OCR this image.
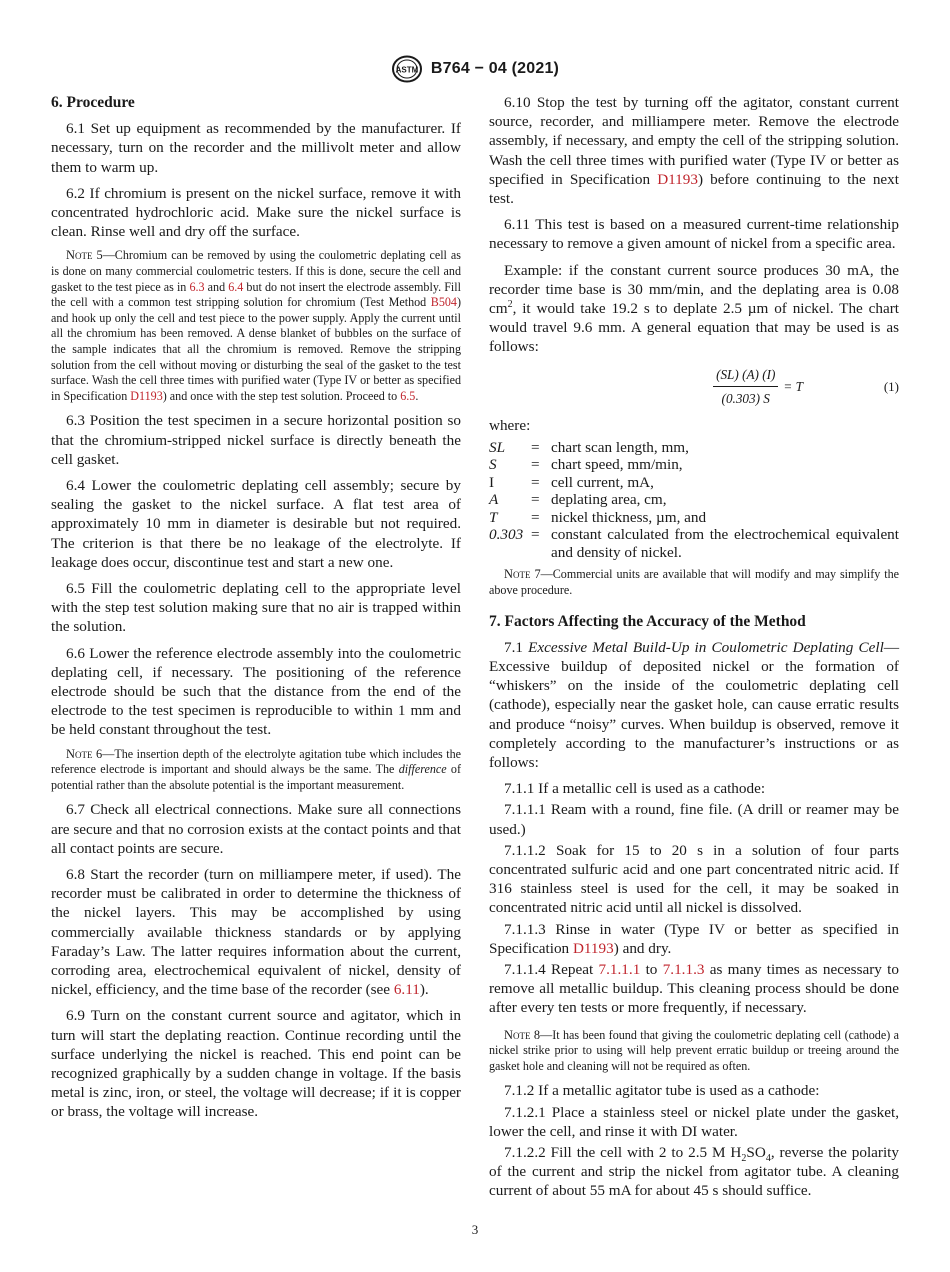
ASTM B764 − 04 (2021)

6. Procedure

6.1 Set up equipment as recommended by the manufacturer. If necessary, turn on the recorder and the millivolt meter and allow them to warm up.

6.2 If chromium is present on the nickel surface, remove it with concentrated hydrochloric acid. Make sure the nickel surface is clean. Rinse well and dry off the surface.

Note 5—Chromium can be removed by using the coulometric deplating cell as is done on many commercial coulometric testers. If this is done, secure the cell and gasket to the test piece as in 6.3 and 6.4 but do not insert the electrode assembly. Fill the cell with a common test stripping solution for chromium (Test Method B504) and hook up only the cell and test piece to the power supply. Apply the current until all the chromium has been removed. A dense blanket of bubbles on the surface of the sample indicates that all the chromium is removed. Remove the stripping solution from the cell without moving or disturbing the seal of the gasket to the test surface. Wash the cell three times with purified water (Type IV or better as specified in Specification D1193) and once with the step test solution. Proceed to 6.5.

6.3 Position the test specimen in a secure horizontal position so that the chromium-stripped nickel surface is directly beneath the cell gasket.

6.4 Lower the coulometric deplating cell assembly; secure by sealing the gasket to the nickel surface. A flat test area of approximately 10 mm in diameter is desirable but not required. The criterion is that there be no leakage of the electrolyte. If leakage does occur, discontinue test and start a new one.

6.5 Fill the coulometric deplating cell to the appropriate level with the step test solution making sure that no air is trapped within the solution.

6.6 Lower the reference electrode assembly into the coulometric deplating cell, if necessary. The positioning of the reference electrode should be such that the distance from the end of the electrode to the test specimen is reproducible to within 1 mm and be held constant throughout the test.

Note 6—The insertion depth of the electrolyte agitation tube which includes the reference electrode is important and should always be the same. The difference of potential rather than the absolute potential is the important measurement.

6.7 Check all electrical connections. Make sure all connections are secure and that no corrosion exists at the contact points and that all contact points are secure.

6.8 Start the recorder (turn on milliampere meter, if used). The recorder must be calibrated in order to determine the thickness of the nickel layers. This may be accomplished by using commercially available thickness standards or by applying Faraday’s Law. The latter requires information about the current, corroding area, electrochemical equivalent of nickel, density of nickel, efficiency, and the time base of the recorder (see 6.11).

6.9 Turn on the constant current source and agitator, which in turn will start the deplating reaction. Continue recording until the surface underlying the nickel is reached. This end point can be recognized graphically by a sudden change in voltage. If the basis metal is zinc, iron, or steel, the voltage will decrease; if it is copper or brass, the voltage will increase.

6.10 Stop the test by turning off the agitator, constant current source, recorder, and milliampere meter. Remove the electrode assembly, if necessary, and empty the cell of the stripping solution. Wash the cell three times with purified water (Type IV or better as specified in Specification D1193) before continuing to the next test.

6.11 This test is based on a measured current-time relationship necessary to remove a given amount of nickel from a specific area.

Example: if the constant current source produces 30 mA, the recorder time base is 30 mm/min, and the deplating area is 0.08 $cm^2$, it would take 19.2 s to deplate 2.5 µm of nickel. The chart would travel 9.6 mm. A general equation that may be used is as follows:

$\frac{(SL) (A) (I)}{(0.303) S} = T$	(1)

where:

SL	= chart scan length, mm,
S	= chart speed, mm/min,
I	= cell current, mA,
A	= deplating area, cm,
T	= nickel thickness, µm, and
0.303 = constant calculated from the electrochemical equivalent and density of nickel.

Note 7—Commercial units are available that will modify and may simplify the above procedure.

7. Factors Affecting the Accuracy of the Method

7.1 Excessive Metal Build-Up in Coulometric Deplating Cell—Excessive buildup of deposited nickel or the formation of “whiskers” on the inside of the coulometric deplating cell (cathode), especially near the gasket hole, can cause erratic results and produce “noisy” curves. When buildup is observed, remove it completely according to the manufacturer’s instructions or as follows:

7.1.1 If a metallic cell is used as a cathode:

7.1.1.1 Ream with a round, fine file. (A drill or reamer may be used.)

7.1.1.2 Soak for 15 to 20 s in a solution of four parts concentrated sulfuric acid and one part concentrated nitric acid. If 316 stainless steel is used for the cell, it may be soaked in concentrated nitric acid until all nickel is dissolved.

7.1.1.3 Rinse in water (Type IV or better as specified in Specification D1193) and dry.

7.1.1.4 Repeat 7.1.1.1 to 7.1.1.3 as many times as necessary to remove all metallic buildup. This cleaning process should be done after every ten tests or more frequently, if necessary.

Note 8—It has been found that giving the coulometric deplating cell (cathode) a nickel strike prior to using will help prevent erratic buildup or treeing around the gasket hole and cleaning will not be required as often.

7.1.2 If a metallic agitator tube is used as a cathode:

7.1.2.1 Place a stainless steel or nickel plate under the gasket, lower the cell, and rinse it with DI water.

7.1.2.2 Fill the cell with 2 to 2.5 M $H_2SO_4$, reverse the polarity of the current and strip the nickel from agitator tube. A cleaning current of about 55 mA for about 45 s should suffice.

3
